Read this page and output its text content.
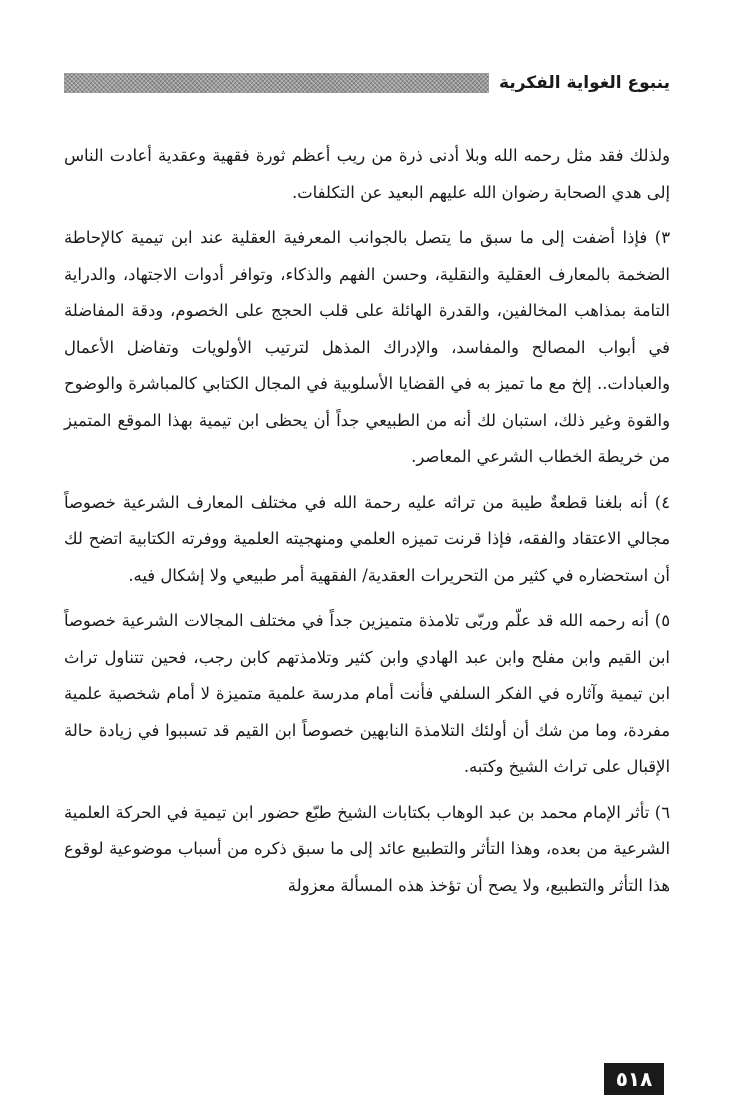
ينبوع الغواية الفكرية

ولذلك فقد مثل رحمه الله وبلا أدنى ذرة من ريب أعظم ثورة فقهية وعقدية أعادت الناس إلى هدي الصحابة رضوان الله عليهم البعيد عن التكلفات.

٣) فإذا أضفت إلى ما سبق ما يتصل بالجوانب المعرفية العقلية عند ابن تيمية كالإحاطة الضخمة بالمعارف العقلية والنقلية، وحسن الفهم والذكاء، وتوافر أدوات الاجتهاد، والدراية التامة بمذاهب المخالفين، والقدرة الهائلة على قلب الحجج على الخصوم، ودقة المفاضلة في أبواب المصالح والمفاسد، والإدراك المذهل لترتيب الأولويات وتفاضل الأعمال والعبادات.. إلخ مع ما تميز به في القضايا الأسلوبية في المجال الكتابي كالمباشرة والوضوح والقوة وغير ذلك، استبان لك أنه من الطبيعي جداً أن يحظى ابن تيمية بهذا الموقع المتميز من خريطة الخطاب الشرعي المعاصر.

٤) أنه بلغنا قطعةٌ طيبة من تراثه عليه رحمة الله في مختلف المعارف الشرعية خصوصاً مجالي الاعتقاد والفقه، فإذا قرنت تميزه العلمي ومنهجيته العلمية ووفرته الكتابية اتضح لك أن استحضاره في كثير من التحريرات العقدية/ الفقهية أمر طبيعي ولا إشكال فيه.

٥) أنه رحمه الله قد علّم وربّى تلامذة متميزين جداً في مختلف المجالات الشرعية خصوصاً ابن القيم وابن مفلح وابن عبد الهادي وابن كثير وتلامذتهم كابن رجب، فحين تتناول تراث ابن تيمية وآثاره في الفكر السلفي فأنت أمام مدرسة علمية متميزة لا أمام شخصية علمية مفردة، وما من شك أن أولئك التلامذة النابهين خصوصاً ابن القيم قد تسببوا في زيادة حالة الإقبال على تراث الشيخ وكتبه.

٦) تأثر الإمام محمد بن عبد الوهاب بكتابات الشيخ طبّع حضور ابن تيمية في الحركة العلمية الشرعية من بعده، وهذا التأثر والتطبيع عائد إلى ما سبق ذكره من أسباب موضوعية لوقوع هذا التأثر والتطبيع، ولا يصح أن تؤخذ هذه المسألة معزولة

٥١٨
